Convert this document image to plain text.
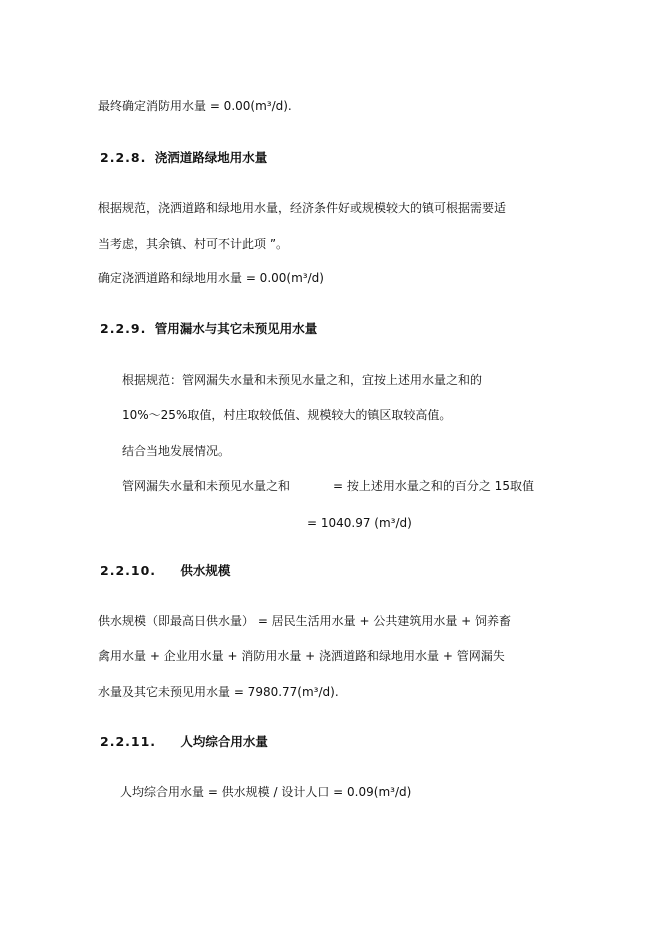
最终确定消防用水量 = 0.00(m³/d).
2.2.8. 浇洒道路绿地用水量
根据规范，浇洒道路和绿地用水量，经济条件好或规模较大的镇可根据需要适
当考虑，其余镇、村可不计此项 ”。
确定浇洒道路和绿地用水量 = 0.00(m³/d)
2.2.9. 管用漏水与其它未预见用水量
根据规范：管网漏失水量和未预见水量之和，宜按上述用水量之和的
10%～25%取值，村庄取较低值、规模较大的镇区取较高值。
结合当地发展情况。
管网漏失水量和未预见水量之和	= 按上述用水量之和的百分之 15取值
= 1040.97 (m³/d)
2.2.10. 供水规模
供水规模（即最高日供水量） = 居民生活用水量 + 公共建筑用水量 + 饲养畜
禽用水量 + 企业用水量 + 消防用水量 + 浇洒道路和绿地用水量 + 管网漏失
水量及其它未预见用水量 = 7980.77(m³/d).
2.2.11. 人均综合用水量
人均综合用水量 = 供水规模 / 设计人口 = 0.09(m³/d)
